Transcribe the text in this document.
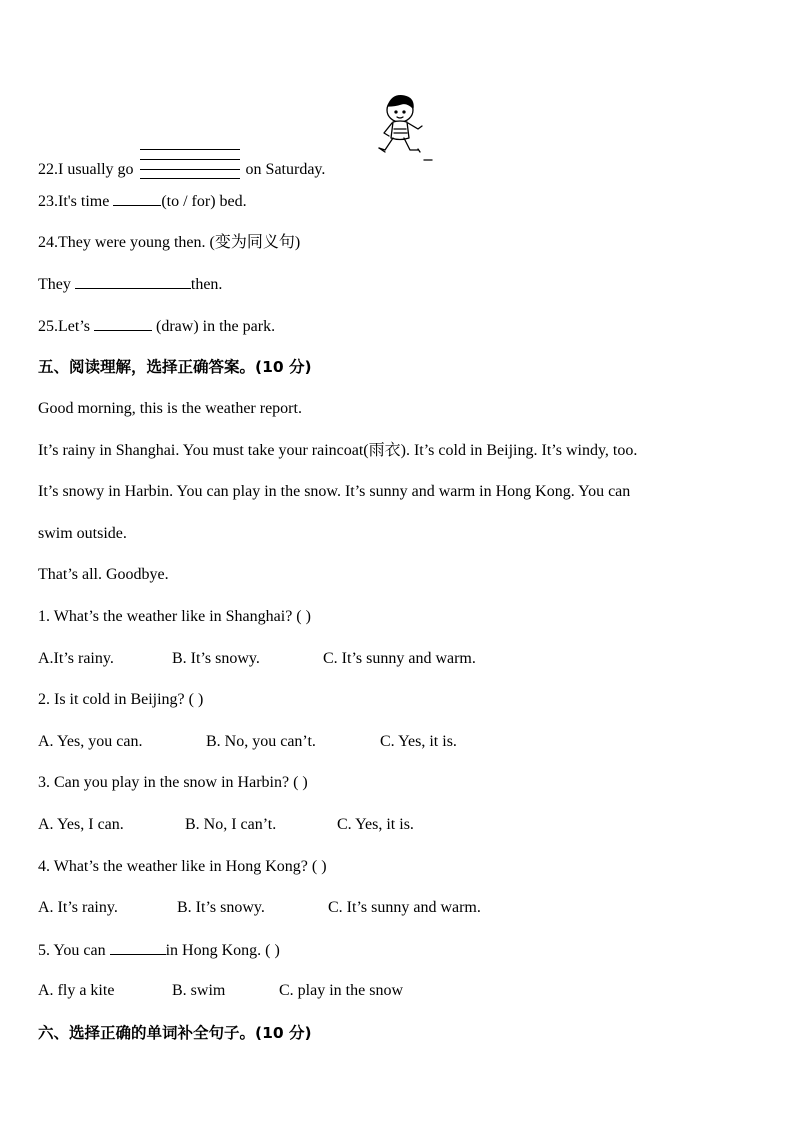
22.I usually go	on Saturday.
23.It's time	(to / for) bed.
24.They were young then. (变为同义句)
They	then.
25.Let’s	(draw) in the park.
五、阅读理解，选择正确答案。(10 分)
Good morning, this is the weather report.
It’s rainy in Shanghai. You must take your raincoat(雨衣). It’s cold in Beijing. It’s windy, too.
It’s snowy in Harbin. You can play in the snow. It’s sunny and warm in Hong Kong. You can
swim outside.
That’s all. Goodbye.
1. What’s the weather like in Shanghai? ( )
A.It’s rainy.	B. It’s snowy.	C. It’s sunny and warm.
2. Is it cold in Beijing? ( )
A. Yes, you can.	B. No, you can’t.	C. Yes, it is.
3. Can you play in the snow in Harbin? ( )
A. Yes, I can.	B. No, I can’t.	C. Yes, it is.
4. What’s the weather like in Hong Kong? ( )
A. It’s rainy.	B. It’s snowy.	C. It’s sunny and warm.
5. You can	in Hong Kong. ( )
A. fly a kite	B. swim	C. play in the snow
六、选择正确的单词补全句子。(10 分)
